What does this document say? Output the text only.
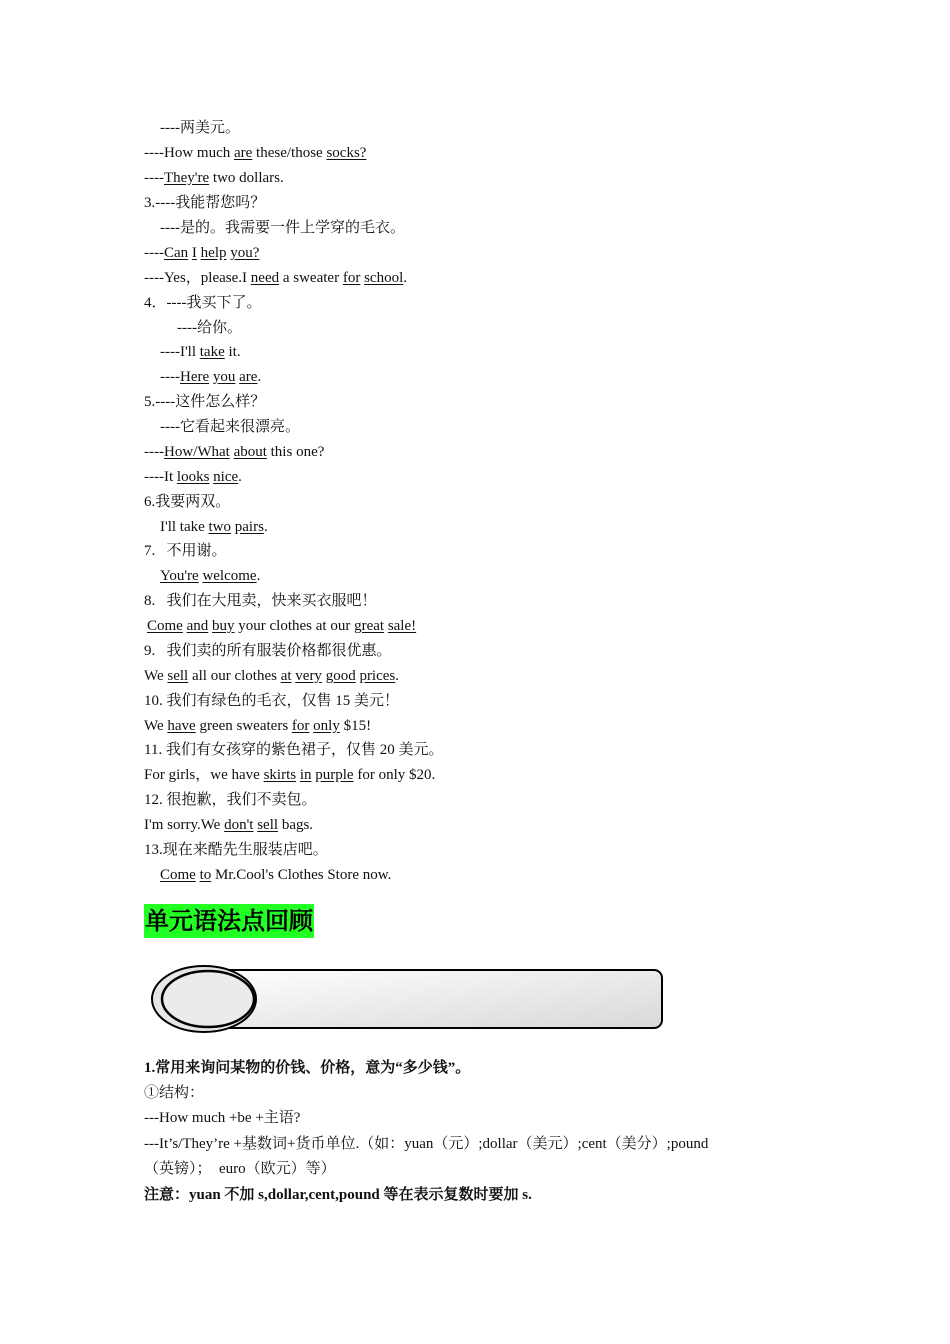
----两美元。
----How much are these/those socks?
----They're two dollars.
3.----我能帮您吗？
----是的。我需要一件上学穿的毛衣。
----Can I help you?
----Yes，please.I need a sweater for school.
4．----我买下了。
----给你。
----I'll take it.
----Here you are.
5.----这件怎么样？
----它看起来很漂亮。
----How/What about this one?
----It looks nice.
6.我要两双。
I'll take two pairs.
7.   不用谢。
You're welcome.
8.   我们在大甩卖，快来买衣服吧！
Come and buy your clothes at our great sale!
9.   我们卖的所有服装价格都很优惠。
We sell all our clothes at very good prices.
10. 我们有绿色的毛衣，仅售 15 美元！
We have green sweaters for only $15!
11. 我们有女孩穿的紫色裙子，仅售 20 美元。
For girls，we have skirts in purple for only $20.
12. 很抱歉，我们不卖包。
I'm sorry.We don't sell bags.
13.现在来酷先生服装店吧。
Come to Mr.Cool's Clothes Store now.
单元语法点回顾
1.常用来询问某物的价钱、价格，意为“多少钱”。
①结构：
---How much +be +主语?
---It’s/They’re +基数词+货币单位.（如：yuan（元）;dollar（美元）;cent（美分）;pound
（英镑）；  euro（欧元）等）
注意：yuan 不加 s,dollar,cent,pound 等在表示复数时要加 s.
